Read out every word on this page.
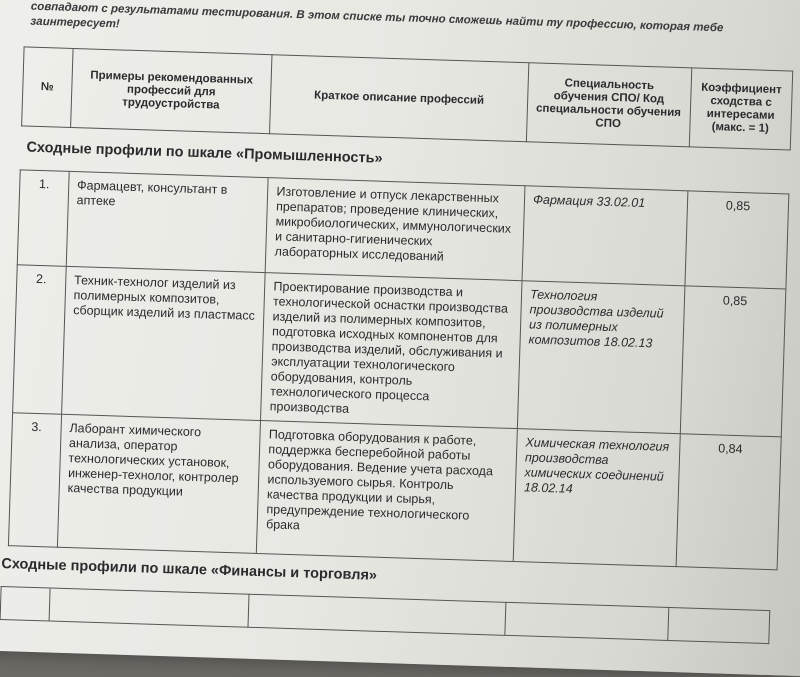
совпадают с результатами тестирования. В этом списке ты точно сможешь найти ту профессию, которая тебе заинтересует!
№	Примеры рекомендованных профессий для трудоустройства	Краткое описание профессий	Специальность обучения СПО/ Код специальности обучения СПО	Коэффициент сходства с интересами (макс. = 1)
Сходные профили по шкале «Промышленность»
1.	Фармацевт, консультант в аптеке	Изготовление и отпуск лекарственных препаратов; проведение клинических, микробиологических, иммунологических и санитарно-гигиенических лабораторных исследований	Фармация 33.02.01	0,85
2.	Техник-технолог изделий из полимерных композитов, сборщик изделий из пластмасс	Проектирование производства и технологической оснастки производства изделий из полимерных композитов, подготовка исходных компонентов для производства изделий, обслуживания и эксплуатации технологического оборудования, контроль технологического процесса производства	Технология производства изделий из полимерных композитов 18.02.13	0,85
3.	Лаборант химического анализа, оператор технологических установок, инженер-технолог, контролер качества продукции	Подготовка оборудования к работе, поддержка бесперебойной работы оборудования. Ведение учета расхода используемого сырья. Контроль качества продукции и сырья, предупреждение технологического брака	Химическая технология производства химических соединений 18.02.14	0,84
Сходные профили по шкале «Финансы и торговля»
